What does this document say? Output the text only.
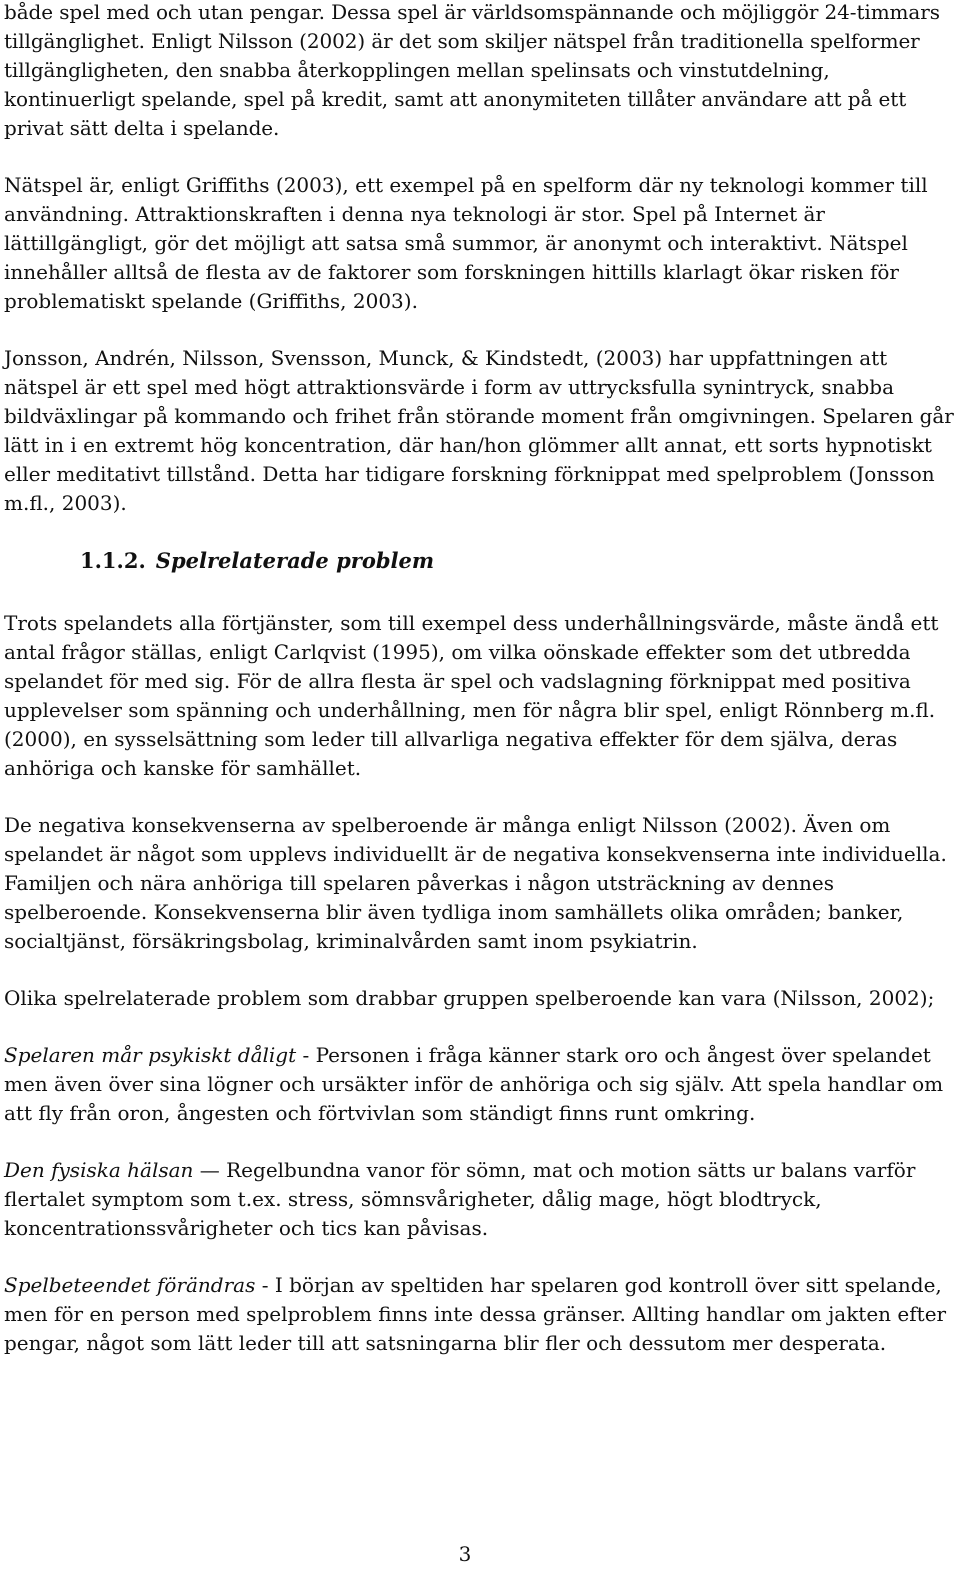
både spel med och utan pengar. Dessa spel är världsomspännande och möjliggör 24-timmars tillgänglighet. Enligt Nilsson (2002) är det som skiljer nätspel från traditionella spelformer tillgängligheten, den snabba återkopplingen mellan spelinsats och vinstutdelning, kontinuerligt spelande, spel på kredit, samt att anonymiteten tillåter användare att på ett privat sätt delta i spelande.

Nätspel är, enligt Griffiths (2003), ett exempel på en spelform där ny teknologi kommer till användning. Attraktionskraften i denna nya teknologi är stor. Spel på Internet är lättillgängligt, gör det möjligt att satsa små summor, är anonymt och interaktivt. Nätspel innehåller alltså de flesta av de faktorer som forskningen hittills klarlagt ökar risken för problematiskt spelande (Griffiths, 2003).

Jonsson, Andrén, Nilsson, Svensson, Munck, & Kindstedt, (2003) har uppfattningen att nätspel är ett spel med högt attraktionsvärde i form av uttrycksfulla synintryck, snabba bildväxlingar på kommando och frihet från störande moment från omgivningen. Spelaren går lätt in i en extremt hög koncentration, där han/hon glömmer allt annat, ett sorts hypnotiskt eller meditativt tillstånd. Detta har tidigare forskning förknippat med spelproblem (Jonsson m.fl., 2003).

1.1.2. Spelrelaterade problem

Trots spelandets alla förtjänster, som till exempel dess underhållningsvärde, måste ändå ett antal frågor ställas, enligt Carlqvist (1995), om vilka oönskade effekter som det utbredda spelandet för med sig. För de allra flesta är spel och vadslagning förknippat med positiva upplevelser som spänning och underhållning, men för några blir spel, enligt Rönnberg m.fl. (2000), en sysselsättning som leder till allvarliga negativa effekter för dem själva, deras anhöriga och kanske för samhället.

De negativa konsekvenserna av spelberoende är många enligt Nilsson (2002). Även om spelandet är något som upplevs individuellt är de negativa konsekvenserna inte individuella. Familjen och nära anhöriga till spelaren påverkas i någon utsträckning av dennes spelberoende. Konsekvenserna blir även tydliga inom samhällets olika områden; banker, socialtjänst, försäkringsbolag, kriminalvården samt inom psykiatrin.

Olika spelrelaterade problem som drabbar gruppen spelberoende kan vara (Nilsson, 2002);

Spelaren mår psykiskt dåligt - Personen i fråga känner stark oro och ångest över spelandet men även över sina lögner och ursäkter inför de anhöriga och sig själv. Att spela handlar om att fly från oron, ångesten och förtvivlan som ständigt finns runt omkring.

Den fysiska hälsan — Regelbundna vanor för sömn, mat och motion sätts ur balans varför flertalet symptom som t.ex. stress, sömnsvårigheter, dålig mage, högt blodtryck, koncentrationssvårigheter och tics kan påvisas.

Spelbeteendet förändras - I början av speltiden har spelaren god kontroll över sitt spelande, men för en person med spelproblem finns inte dessa gränser. Allting handlar om jakten efter pengar, något som lätt leder till att satsningarna blir fler och dessutom mer desperata.

3
